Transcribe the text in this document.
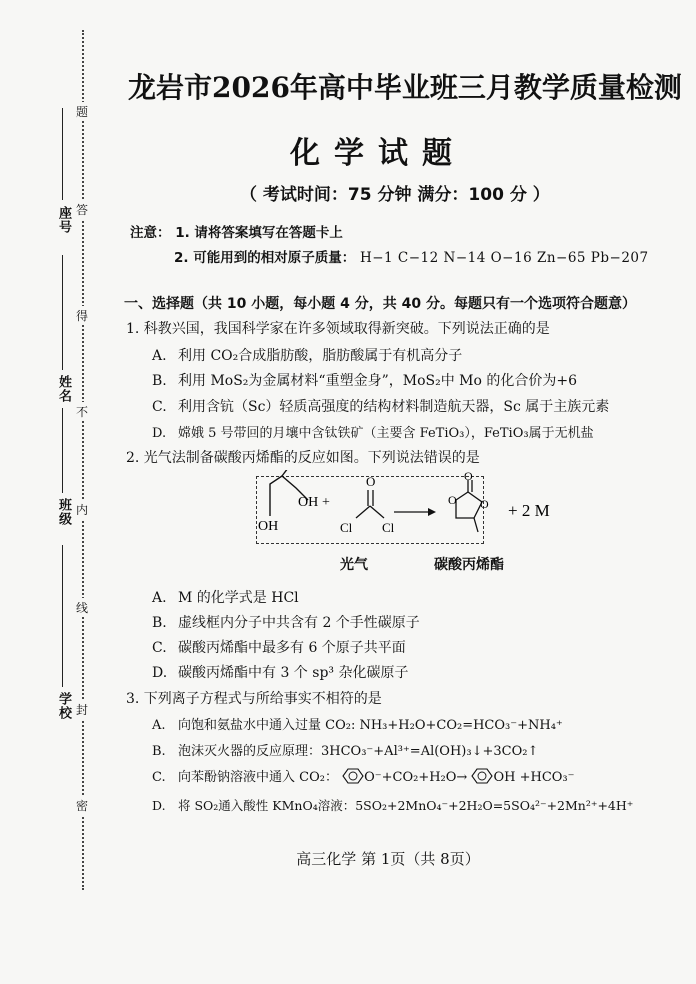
座号
姓名
班级
学校
题
答
得
不
内
线
封
密
龙岩市2026年高中毕业班三月教学质量检测
化学试题
（ 考试时间：75 分钟 满分：100 分 ）
注意： 1. 请将答案填写在答题卡上
2. 可能用到的相对原子质量： H−1 C−12 N−14 O−16 Zn−65 Pb−207
一、选择题（共 10 小题，每小题 4 分，共 40 分。每题只有一个选项符合题意）
1. 科教兴国，我国科学家在许多领域取得新突破。下列说法正确的是
A. 利用 CO₂合成脂肪酸，脂肪酸属于有机高分子
B. 利用 MoS₂为金属材料“重塑金身”，MoS₂中 Mo 的化合价为+6
C. 利用含钪（Sc）轻质高强度的结构材料制造航天器，Sc 属于主族元素
D. 嫦娥 5 号带回的月壤中含钛铁矿（主要含 FeTiO₃），FeTiO₃属于无机盐
2. 光气法制备碳酸丙烯酯的反应如图。下列说法错误的是
OH +
OH
O
Cl Cl
O
O O + 2 M
光气	碳酸丙烯酯
A. M 的化学式是 HCl
B. 虚线框内分子中共含有 2 个手性碳原子
C. 碳酸丙烯酯中最多有 6 个原子共平面
D. 碳酸丙烯酯中有 3 个 sp³ 杂化碳原子
3. 下列离子方程式与所给事实不相符的是
A. 向饱和氨盐水中通入过量 CO₂: NH₃+H₂O+CO₂=HCO₃⁻+NH₄⁺
B. 泡沫灭火器的反应原理：3HCO₃⁻+Al³⁺=Al(OH)₃↓+3CO₂↑
C. 向苯酚钠溶液中通入 CO₂： O⁻+CO₂+H₂O→ OH +HCO₃⁻
D. 将 SO₂通入酸性 KMnO₄溶液：5SO₂+2MnO₄⁻+2H₂O=5SO₄²⁻+2Mn²⁺+4H⁺
高三化学 第 1页（共 8页）
